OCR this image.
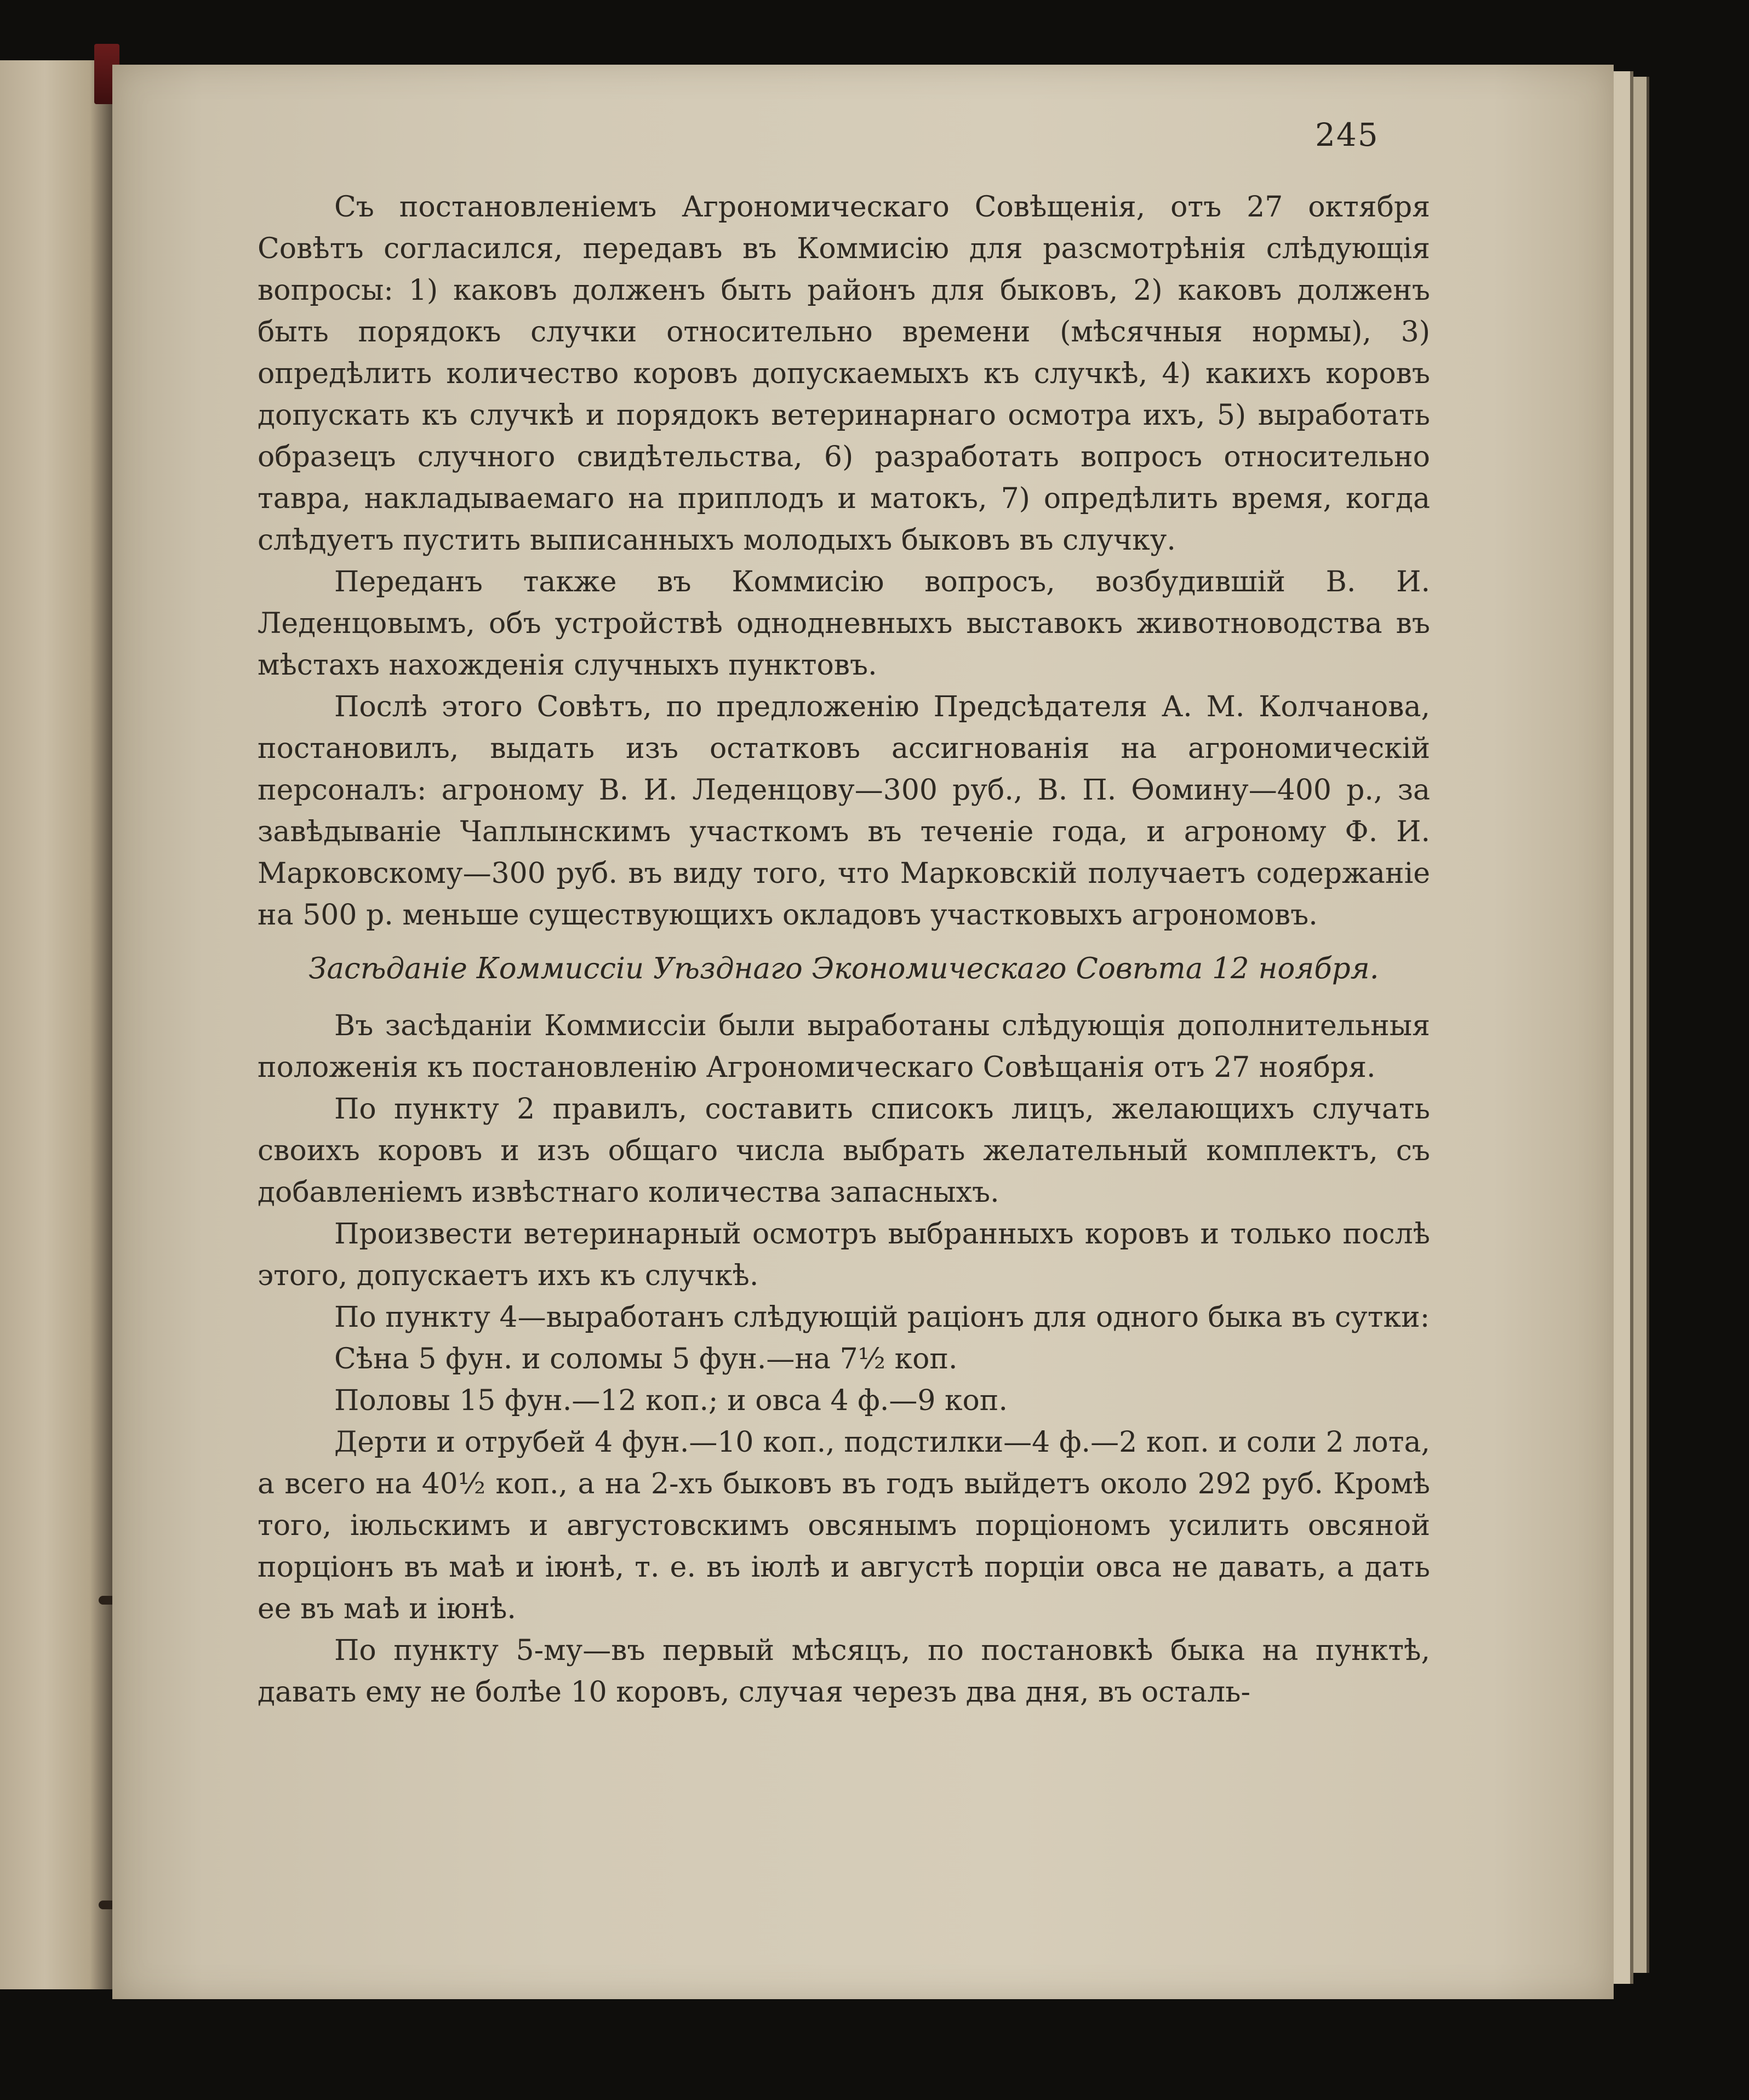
245

Съ постановленіемъ Агрономическаго Совѣщенія, отъ 27 октября Совѣтъ согласился, передавъ въ Коммисію для разсмотрѣнія слѣдующія вопросы: 1) каковъ долженъ быть районъ для быковъ, 2) каковъ долженъ быть порядокъ случки относительно времени (мѣсячныя нормы), 3) опредѣлить количество коровъ допускаемыхъ къ случкѣ, 4) какихъ коровъ допускать къ случкѣ и порядокъ ветеринарнаго осмотра ихъ, 5) выработать образецъ случного свидѣтельства, 6) разработать вопросъ относительно тавра, накладываемаго на приплодъ и матокъ, 7) опредѣлить время, когда слѣдуетъ пустить выписанныхъ молодыхъ быковъ въ случку.

Переданъ также въ Коммисію вопросъ, возбудившій В. И. Леденцовымъ, объ устройствѣ однодневныхъ выставокъ животноводства въ мѣстахъ нахожденія случныхъ пунктовъ.

Послѣ этого Совѣтъ, по предложенію Предсѣдателя А. М. Колчанова, постановилъ, выдать изъ остатковъ ассигнованія на агрономическій персоналъ: агроному В. И. Леденцову—300 руб., В. П. Ѳомину—400 р., за завѣдываніе Чаплынскимъ участкомъ въ теченіе года, и агроному Ф. И. Марковскому—300 руб. въ виду того, что Марковскій получаетъ содержаніе на 500 р. меньше существующихъ окладовъ участковыхъ агрономовъ.

Засѣданіе Коммиссіи Уѣзднаго Экономическаго Совѣта 12 ноября.

Въ засѣданіи Коммиссіи были выработаны слѣдующія дополнительныя положенія къ постановленію Агрономическаго Совѣщанія отъ 27 ноября.

По пункту 2 правилъ, составить списокъ лицъ, желающихъ случать своихъ коровъ и изъ общаго числа выбрать желательный комплектъ, съ добавленіемъ извѣстнаго количества запасныхъ.

Произвести ветеринарный осмотръ выбранныхъ коровъ и только послѣ этого, допускаетъ ихъ къ случкѣ.

По пункту 4—выработанъ слѣдующій раціонъ для одного быка въ сутки:

Сѣна 5 фун. и соломы 5 фун.—на 7½ коп.

Половы 15 фун.—12 коп.; и овса 4 ф.—9 коп.

Дерти и отрубей 4 фун.—10 коп., подстилки—4 ф.—2 коп. и соли 2 лота, а всего на 40½ коп., а на 2-хъ быковъ въ годъ выйдетъ около 292 руб. Кромѣ того, іюльскимъ и августовскимъ овсянымъ порціономъ усилить овсяной порціонъ въ маѣ и іюнѣ, т. е. въ іюлѣ и августѣ порціи овса не давать, а дать ее въ маѣ и іюнѣ.

По пункту 5-му—въ первый мѣсяцъ, по постановкѣ быка на пунктѣ, давать ему не болѣе 10 коровъ, случая черезъ два дня, въ осталь-
